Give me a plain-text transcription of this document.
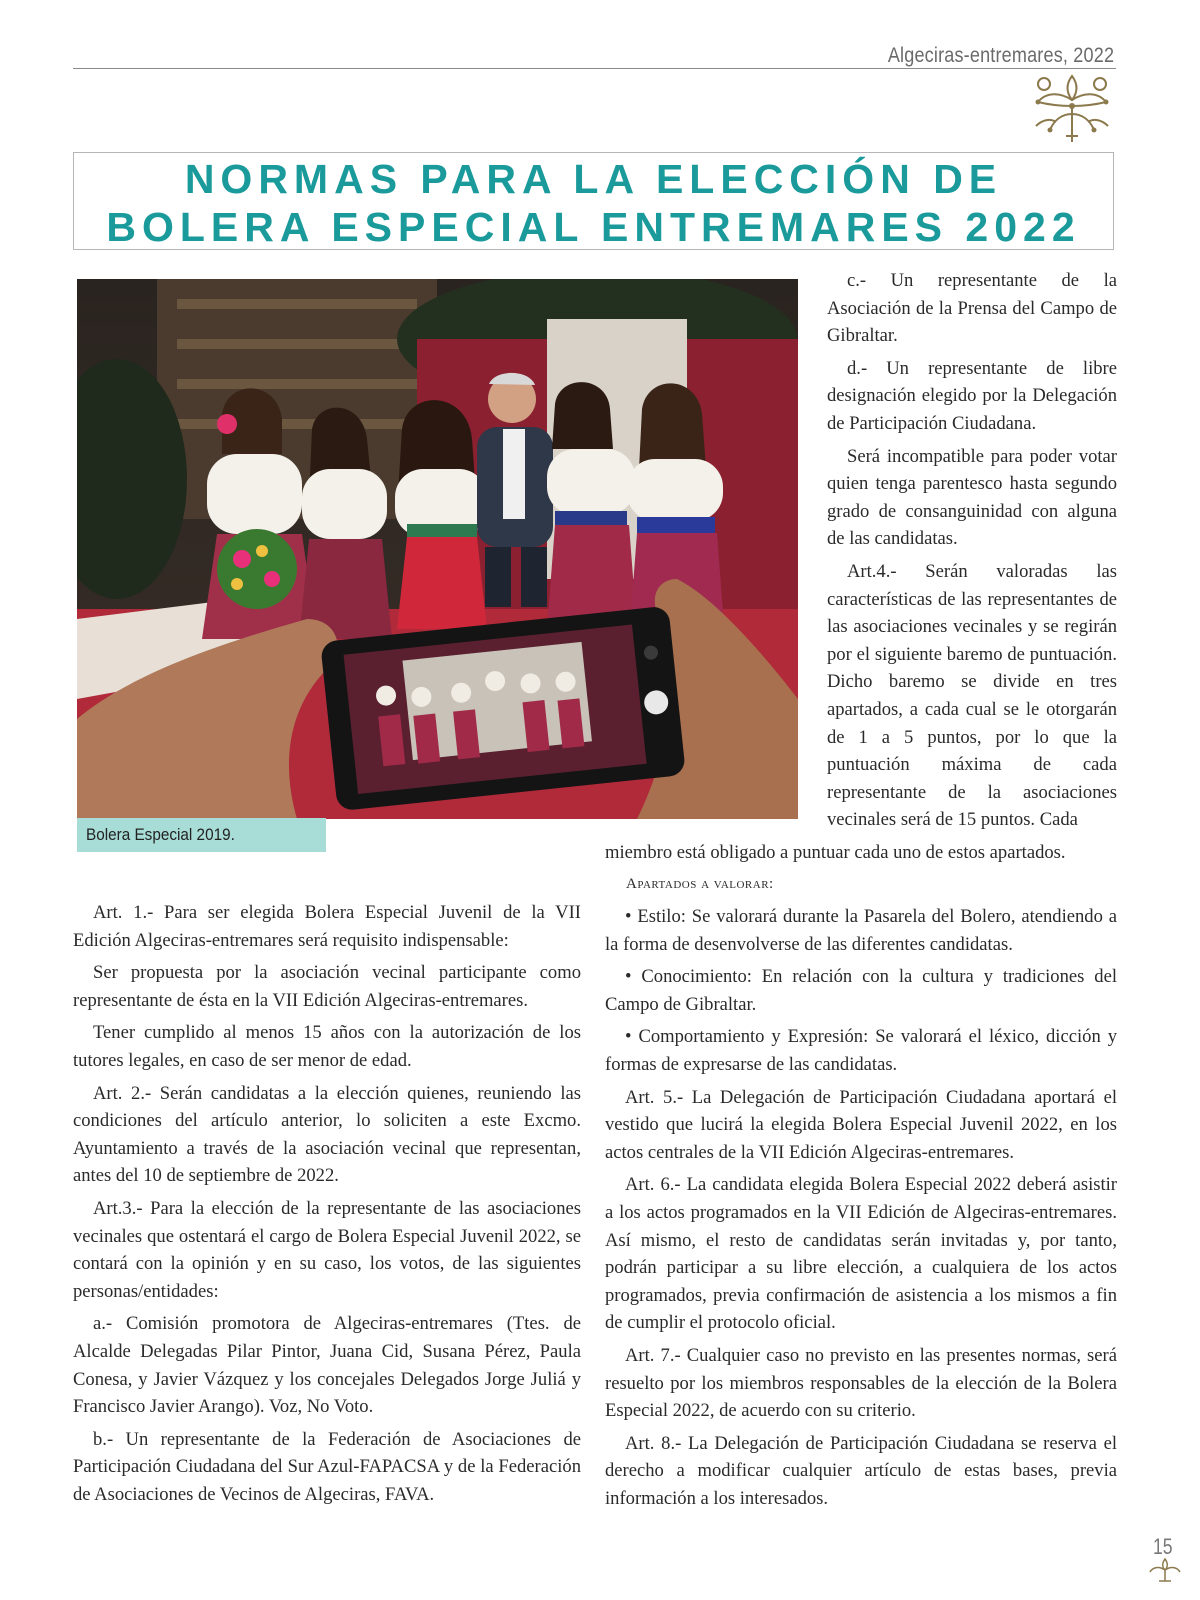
Algeciras-entremares, 2022
NORMAS PARA LA ELECCIÓN DE
BOLERA ESPECIAL ENTREMARES 2022
Bolera Especial 2019.

c.- Un representante de la Asociación de la Prensa del Campo de Gibraltar.

d.- Un representante de libre designación elegido por la Delegación de Participación Ciudadana.

Será incompatible para poder votar quien tenga parentesco hasta segundo grado de consanguinidad con alguna de las candidatas.

Art.4.- Serán valoradas las características de las representantes de las asociaciones vecinales y se regirán por el siguiente baremo de puntuación. Dicho baremo se divide en tres apartados, a cada cual se le otorgarán de 1 a 5 puntos, por lo que la puntuación máxima de cada representante de la asociaciones vecinales será de 15 puntos. Cada

miembro está obligado a puntuar cada uno de estos apartados.
Apartados a valorar:

Art. 1.- Para ser elegida Bolera Especial Juvenil de la VII Edición Algeciras-entremares será requisito indispensable:

Ser propuesta por la asociación vecinal participante como representante de ésta en la VII Edición Algeciras-entremares.

Tener cumplido al menos 15 años con la autorización de los tutores legales, en caso de ser menor de edad.

Art. 2.- Serán candidatas a la elección quienes, reuniendo las condiciones del artículo anterior, lo soliciten a este Excmo. Ayuntamiento a través de la asociación vecinal que representan, antes del 10 de septiembre de 2022.

Art.3.- Para la elección de la representante de las asociaciones vecinales que ostentará el cargo de Bolera Especial Juvenil 2022, se contará con la opinión y en su caso, los votos, de las siguientes personas/entidades:

a.- Comisión promotora de Algeciras-entremares (Ttes. de Alcalde Delegadas Pilar Pintor, Juana Cid, Susana Pérez, Paula Conesa, y Javier Vázquez y los concejales Delegados Jorge Juliá y Francisco Javier Arango). Voz, No Voto.

b.- Un representante de la Federación de Asociaciones de Participación Ciudadana del Sur Azul-FAPACSA y de la Federación de Asociaciones de Vecinos de Algeciras, FAVA.

• Estilo: Se valorará durante la Pasarela del Bolero, atendiendo a la forma de desenvolverse de las diferentes candidatas.

• Conocimiento: En relación con la cultura y tradiciones del Campo de Gibraltar.

• Comportamiento y Expresión: Se valorará el léxico, dicción y formas de expresarse de las candidatas.

Art. 5.- La Delegación de Participación Ciudadana aportará el vestido que lucirá la elegida Bolera Especial Juvenil 2022, en los actos centrales de la VII Edición Algeciras-entremares.

Art. 6.- La candidata elegida Bolera Especial 2022 deberá asistir a los actos programados en la VII Edición de Algeciras-entremares. Así mismo, el resto de candidatas serán invitadas y, por tanto, podrán participar a su libre elección, a cualquiera de los actos programados, previa confirmación de asistencia a los mismos a fin de cumplir el protocolo oficial.

Art. 7.- Cualquier caso no previsto en las presentes normas, será resuelto por los miembros responsables de la elección de la Bolera Especial 2022, de acuerdo con su criterio.

Art. 8.- La Delegación de Participación Ciudadana se reserva el derecho a modificar cualquier artículo de estas bases, previa información a los interesados.

15
